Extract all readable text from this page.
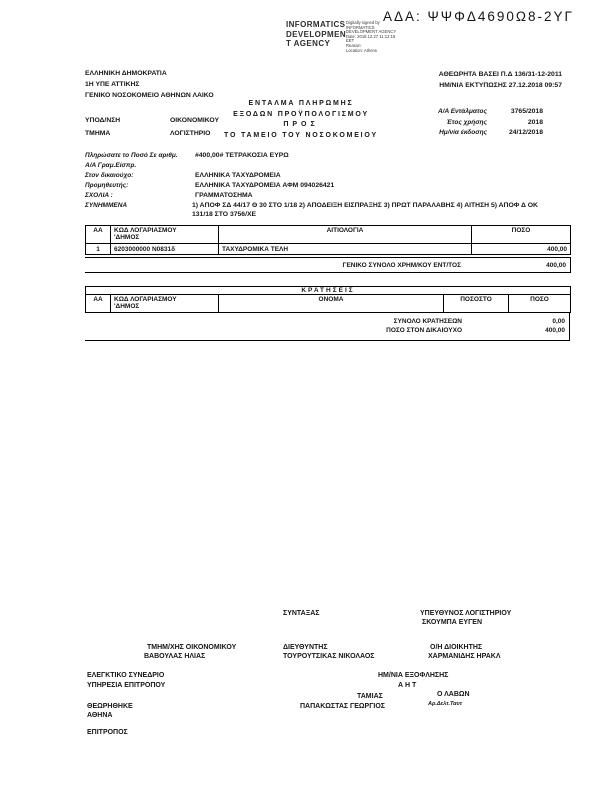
ΑΔΑ: ΨΨΦΔ4690Ω8-2ΥΓ
INFORMATICS
DEVELOPMEN
T AGENCY
Digitally signed by
INFORMATICS
DEVELOPMENT AGENCY
Date: 2018.12.27 11:12:18
EET
Reason:
Location: Athens
ΕΛΛΗΝΙΚΗ ΔΗΜΟΚΡΑΤΙΑ
1Η ΥΠΕ ΑΤΤΙΚΗΣ
ΓΕΝΙΚΟ ΝΟΣΟΚΟΜΕΙΟ ΑΘΗΝΩΝ ΛΑΙΚΟ
ΑΘΕΩΡΗΤΑ ΒΑΣΕΙ Π.Δ 136/31-12-2011
ΗΜ/ΝΙΑ ΕΚΤΥΠΩΣΗΣ 27.12.2018 09:57
ΥΠΟΔ/ΝΣΗ	ΟΙΚΟΝΟΜΙΚΟΥ
ΤΜΗΜΑ	ΛΟΓΙΣΤΗΡΙΟ
ΕΝΤΑΛΜΑ ΠΛΗΡΩΜΗΣ
ΕΞΟΔΩΝ ΠΡΟΫΠΟΛΟΓΙΣΜΟΥ
ΠΡΟΣ
ΤΟ ΤΑΜΕΙΟ ΤΟΥ ΝΟΣΟΚΟΜΕΙΟΥ
Α/Α Εντάλματος	3765/2018
Έτος χρήσης	2018
Ημ/νία έκδοσης	24/12/2018
Πληρώσατε το Ποσό Σε αριθμ.	#400,00# ΤΕΤΡΑΚΟΣΙΑ ΕΥΡΩ
Α/Α Γραμ.Είσπρ.
Στον δικαιούχο:	ΕΛΛΗΝΙΚΑ ΤΑΧΥΔΡΟΜΕΙΑ
Προμηθευτής:	ΕΛΛΗΝΙΚΑ ΤΑΧΥΔΡΟΜΕΙΑ ΑΦΜ 094026421
ΣΧΟΛΙΑ :	ΓΡΑΜΜΑΤΟΣΗΜΑ
ΣΥΝΗΜΜΕΝΑ	1) ΑΠΟΦ ΣΔ 44/17 Θ 30 ΣΤΟ 1/18 2) ΑΠΟΔΕΙΞΗ ΕΙΣΠΡΑΞΗΣ 3) ΠΡΩΤ ΠΑΡΑΛΑΒΗΣ 4) ΑΙΤΗΣΗ 5) ΑΠΟΦ Δ ΟΚ
131/18 ΣΤΟ 3756/ΧΕ
ΑΑ	ΚΩΔ ΛΟΓΑΡΙΑΣΜΟΥ
'ΔΗΜΟΣ	ΑΙΤΙΟΛΟΓΙΑ	ΠΟΣΟ
1	6203000000 Ν0831δ	ΤΑΧΥΔΡΟΜΙΚΑ ΤΕΛΗ	400,00
ΓΕΝΙΚΟ ΣΥΝΟΛΟ ΧΡΗΜ/ΚΟΥ ΕΝΤ/ΤΟΣ	400,00
ΚΡΑΤΗΣΕΙΣ
ΑΑ	ΚΩΔ ΛΟΓΑΡΙΑΣΜΟΥ
'ΔΗΜΟΣ
	ΟΝΟΜΑ	ΠΟΣΟΣΤΟ	ΠΟΣΟ
ΣΥΝΟΛΟ ΚΡΑΤΗΣΕΩΝ	0,00
ΠΟΣΟ ΣΤΟΝ ΔΙΚΑΙΟΥΧΟ	400,00
ΣΥΝΤΑΞΑΣ	ΥΠΕΥΘΥΝΟΣ ΛΟΓΙΣΤΗΡΙΟΥ
ΣΚΟΥΜΠΑ ΕΥΓΕΝ
ΤΜΗΜ/ΧΗΣ ΟΙΚΟΝΟΜΙΚΟΥ
ΒΑΒΟΥΛΑΣ ΗΛΙΑΣ
ΔΙΕΥΘΥΝΤΗΣ
ΤΟΥΡΟΥΤΣΙΚΑΣ ΝΙΚΟΛΑΟΣ
Ο/Η ΔΙΟΙΚΗΤΗΣ
ΧΑΡΜΑΝΙΔΗΣ ΗΡΑΚΛ
ΕΛΕΓΚΤΙΚΟ ΣΥΝΕΔΡΙΟ
ΥΠΗΡΕΣΙΑ ΕΠΙΤΡΟΠΟΥ
ΗΜ/ΝΙΑ ΕΞΟΦΛΗΣΗΣ
Α Η Τ
ΤΑΜΙΑΣ	Ο ΛΑΒΩΝ
ΘΕΩΡΗΘΗΚΕ	ΠΑΠΑΚΩΣΤΑΣ ΓΕΩΡΓΙΟΣ	Αρ.Δελτ.Ταυτ
ΑΘΗΝΑ
ΕΠΙΤΡΟΠΟΣ
